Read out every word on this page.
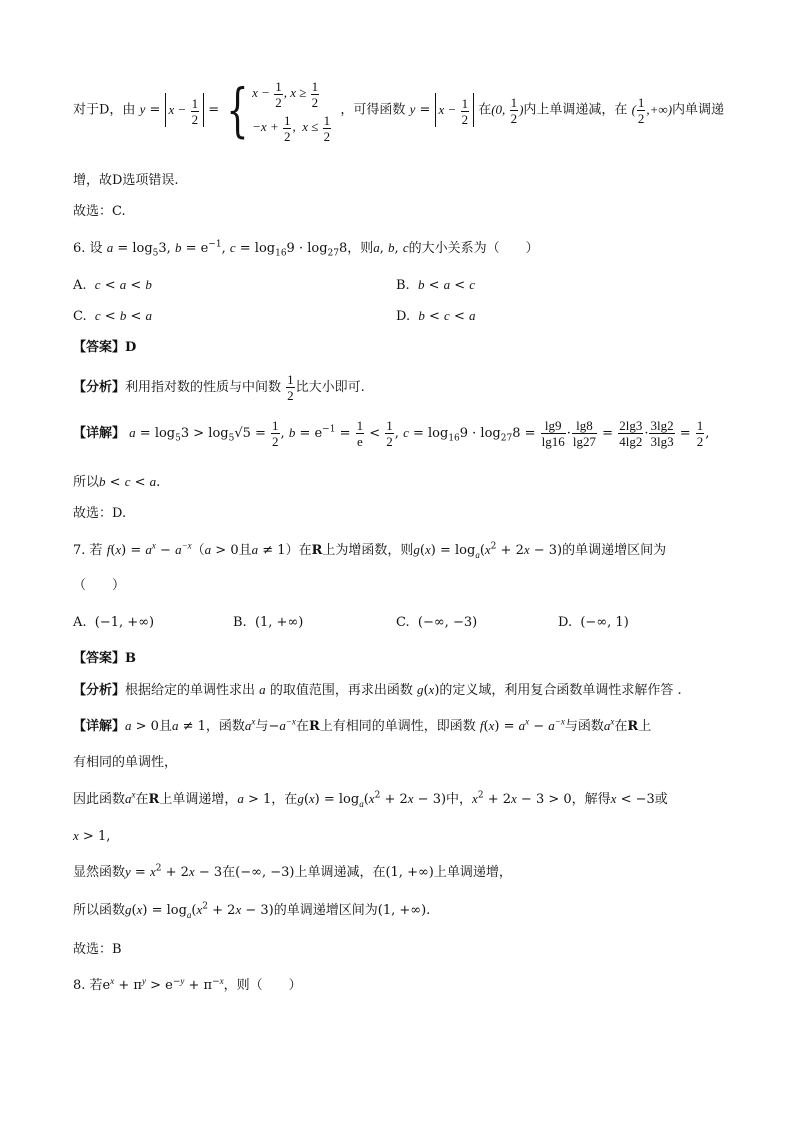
对于D，由 $y = x - \frac{1}{2}$ = { $x - \frac{1}{2}$ , $x \ge \frac{1}{2}$
$-x + \frac{1}{2}$ ,  $x \le \frac{1}{2}$
，可得函数 $y = x - \frac{1}{2}$ 在(0, $\frac{1}{2}$ )内上单调递减，在 ( $\frac{1}{2}$ ,+∞)内单调递
增，故D选项错误.
故选：C.
6. 设 $a = \log_53$, $b = e^{-1}$, $c = \log_{16}9 \cdot \log_{27}8$，则a, b, c的大小关系为（　　）
A. c < a < b	B. b < a < c
C. c < b < a	D. b < c < a
【答案】D
【分析】利用指对数的性质与中间数 $\frac{1}{2}$ 比大小即可.
【详解】 $a = \log_53 > \log_5√5 = \frac{1}{2}$ , $b = e^{-1} = \frac{1}{e} < \frac{1}{2}$ , $c = \log_{16}9 \cdot \log_{27}8 = \frac{\lg 9}{\lg 16} \cdot \frac{\lg 8}{\lg 27} = \frac{2\lg 3}{4\lg 2} \cdot \frac{3\lg 2}{3\lg 3} = \frac{1}{2}$ ,
所以b < c < a.
故选：D.
7. 若 $f(x) = a^x - a^{-x}(a > 0$且a ≠ 1）在R上为增函数，则$g(x) = \log_a(x^2 + 2x - 3)$的单调递增区间为
（　　）
A.  (−1, +∞)	B.  (1, +∞)	C.  (−∞, −3)	D.  (−∞, 1)
【答案】B
【分析】根据给定的单调性求出 a 的取值范围，再求出函数 g(x)的定义域，利用复合函数单调性求解作答 .
【详解】a > 0且a ≠ 1，函数$a^x$与$-a^{-x}$在R上有相同的单调性，即函数 $f(x) = a^x - a^{-x}$与函数$a^x$在R上
有相同的单调性，
因此函数$a^x$在R上单调递增，a > 1，在$g(x) = \log_a(x^2 + 2x - 3)$中，$x^2 + 2x - 3 > 0$，解得x < −3或
x > 1,
显然函数$y = x^2 + 2x - 3$在(−∞, −3)上单调递减，在(1, +∞)上单调递增，
所以函数$g(x) = \log_a(x^2 + 2x - 3)$的单调递增区间为(1, +∞).
故选：B
8. 若$e^x + \pi^y > e^{-y} + \pi^{-x}$，则（　　）
